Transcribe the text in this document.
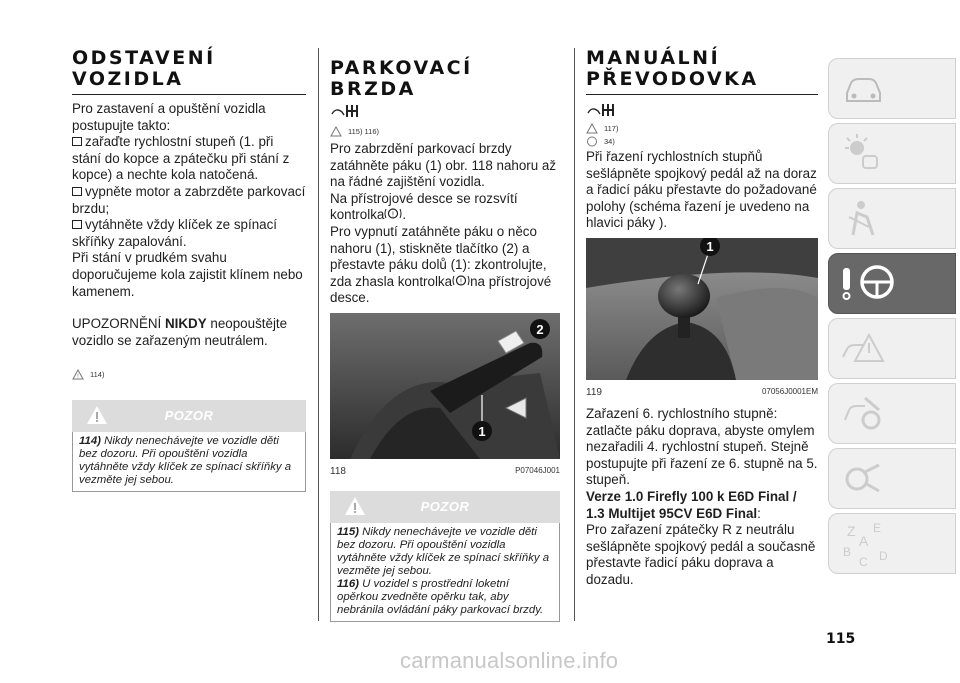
ODSTAVENÍ
VOZIDLA

Pro zastavení a opuštění vozidla postupujte takto:

zařaďte rychlostní stupeň (1. při stání do kopce a zpátečku při stání z kopce) a nechte kola natočená.

vypněte motor a zabrzděte parkovací brzdu;

vytáhněte vždy klíček ze spínací skříňky zapalování.

Při stání v prudkém svahu doporučujeme kola zajistit klínem nebo kamenem.

UPOZORNĚNÍ NIKDY neopouštějte vozidlo se zařazeným neutrálem.

! 114)
POZOR

114) Nikdy nenechávejte ve vozidle děti bez dozoru. Při opouštění vozidla vytáhněte vždy klíček ze spínací skříňky a vezměte jej sebou.

PARKOVACÍ BRZDA
115) 116)

Pro zabrzdění parkovací brzdy zatáhněte páku (1) obr. 118 nahoru až na řádné zajištění vozidla.

Na přístrojové desce se rozsvítí kontrolka ! .

Pro vypnutí zatáhněte páku o něco nahoru (1), stiskněte tlačítko (2) a přestavte páku dolů (1): zkontrolujte, zda zhasla kontrolka ! na přístrojové desce.

2
1
118	P07046J001
POZOR

115) Nikdy nenechávejte ve vozidle děti bez dozoru. Při opouštění vozidla vytáhněte vždy klíček ze spínací skříňky a vezměte jej sebou.

116) U vozidel s prostřední loketní opěrkou zvedněte opěrku tak, aby nebránila ovládání páky parkovací brzdy.

MANUÁLNÍ
PŘEVODOVKA
117)
34)

Při řazení rychlostních stupňů sešlápněte spojkový pedál až na doraz a řadicí páku přestavte do požadované polohy (schéma řazení je uvedeno na hlavici páky ).

1
119	07056J0001EM

Zařazení 6. rychlostního stupně: zatlačte páku doprava, abyste omylem nezařadili 4. rychlostní stupeň. Stejně postupujte při řazení ze 6. stupně na 5. stupeň.

Verze 1.0 Firefly 100 k E6D Final / 1.3 Multijet 95CV E6D Final:

Pro zařazení zpátečky R z neutrálu sešlápněte spojkový pedál a současně přestavte řadicí páku doprava a dozadu.

Z E
A
B
C D
115
carmanualsonline.info
